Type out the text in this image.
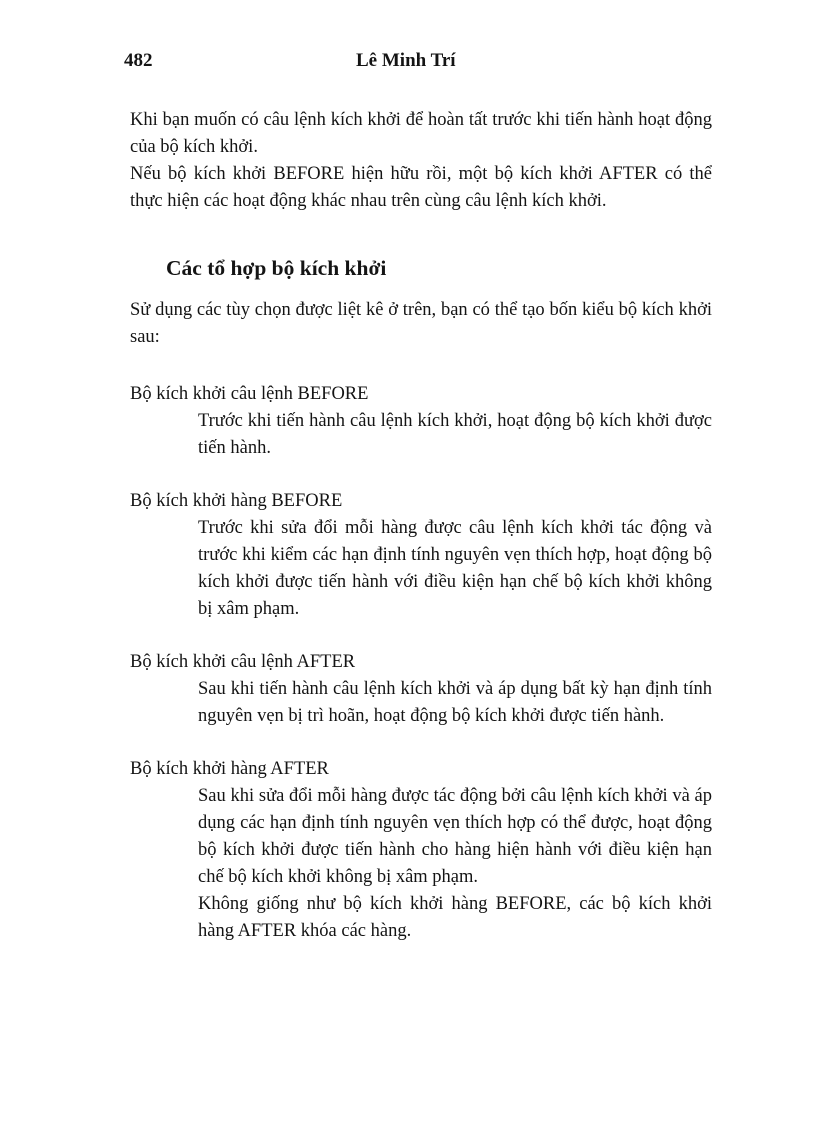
482	Lê Minh Trí

Khi bạn muốn có câu lệnh kích khởi để hoàn tất trước khi tiến hành hoạt động của bộ kích khởi.

Nếu bộ kích khởi BEFORE hiện hữu rồi, một bộ kích khởi AFTER có thể thực hiện các hoạt động khác nhau trên cùng câu lệnh kích khởi.

Các tổ hợp bộ kích khởi

Sử dụng các tùy chọn được liệt kê ở trên, bạn có thể tạo bốn kiểu bộ kích khởi sau:

Bộ kích khởi câu lệnh BEFORE

Trước khi tiến hành câu lệnh kích khởi, hoạt động bộ kích khởi được tiến hành.

Bộ kích khởi hàng BEFORE

Trước khi sửa đổi mỗi hàng được câu lệnh kích khởi tác động và trước khi kiểm các hạn định tính nguyên vẹn thích hợp, hoạt động bộ kích khởi được tiến hành với điều kiện hạn chế bộ kích khởi không bị xâm phạm.

Bộ kích khởi câu lệnh AFTER

Sau khi tiến hành câu lệnh kích khởi và áp dụng bất kỳ hạn định tính nguyên vẹn bị trì hoãn, hoạt động bộ kích khởi được tiến hành.

Bộ kích khởi hàng AFTER

Sau khi sửa đổi mỗi hàng được tác động bởi câu lệnh kích khởi và áp dụng các hạn định tính nguyên vẹn thích hợp có thể được, hoạt động bộ kích khởi được tiến hành cho hàng hiện hành với điều kiện hạn chế bộ kích khởi không bị xâm phạm.

Không giống như bộ kích khởi hàng BEFORE, các bộ kích khởi hàng AFTER khóa các hàng.
